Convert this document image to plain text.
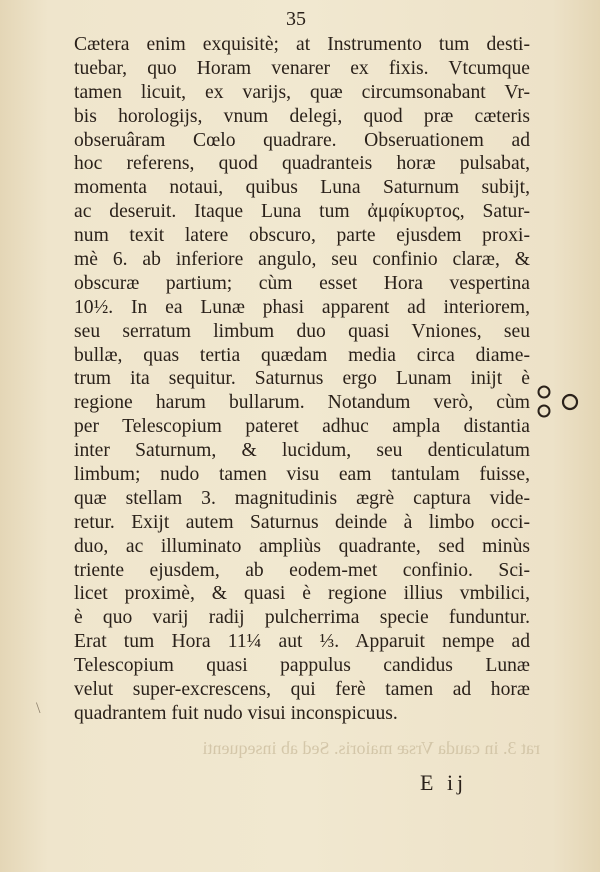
rat 3. in cauda Vrsæ maioris. Sed ab insequenti
35
Cætera enim exquisitè; at Instrumento tum desti-
tuebar, quo Horam venarer ex fixis. Vtcumque
tamen licuit, ex varijs, quæ circumsonabant Vr-
bis horologijs, vnum delegi, quod præ cæteris
obseruâram Cœlo quadrare. Obseruationem ad
hoc referens, quod quadranteis horæ pulsabat,
momenta notaui, quibus Luna Saturnum subijt,
ac deseruit. Itaque Luna tum ἀμφίκυρτος, Satur-
num texit latere obscuro, parte ejusdem proxi-
mè 6. ab inferiore angulo, seu confinio claræ, &
obscuræ partium; cùm esset Hora vespertina
10½. In ea Lunæ phasi apparent ad interiorem,
seu serratum limbum duo quasi Vniones, seu
bullæ, quas tertia quædam media circa diame-
trum ita sequitur. Saturnus ergo Lunam inijt è
regione harum bullarum. Notandum verò, cùm
per Telescopium pateret adhuc ampla distantia
inter Saturnum, & lucidum, seu denticulatum
limbum; nudo tamen visu eam tantulam fuisse,
quæ stellam 3. magnitudinis ægrè captura vide-
retur. Exijt autem Saturnus deinde à limbo occi-
duo, ac illuminato ampliùs quadrante, sed minùs
triente ejusdem, ab eodem-met confinio. Sci-
licet proximè, & quasi è regione illius vmbilici,
è quo varij radij pulcherrima specie funduntur.
Erat tum Hora 11¼ aut ⅓. Apparuit nempe ad
Telescopium quasi pappulus candidus Lunæ
velut super-excrescens, qui ferè tamen ad horæ
quadrantem fuit nudo visui inconspicuus.
\
E ij
